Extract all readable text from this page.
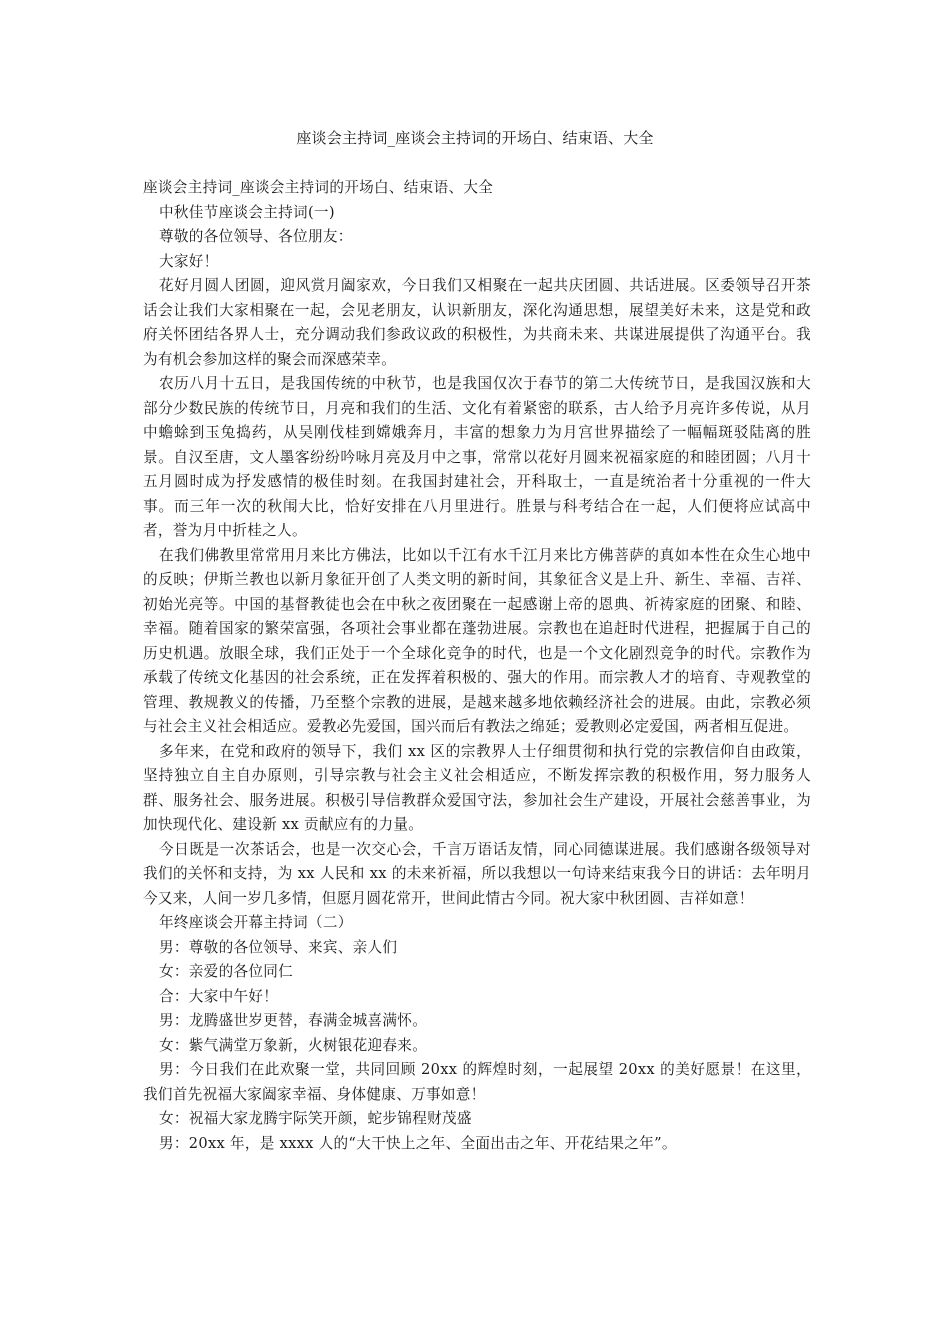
座谈会主持词_座谈会主持词的开场白、结束语、大全

座谈会主持词_座谈会主持词的开场白、结束语、大全

中秋佳节座谈会主持词(一)

尊敬的各位领导、各位朋友：

大家好！

花好月圆人团圆，迎风赏月阖家欢，今日我们又相聚在一起共庆团圆、共话进展。区委领导召开茶话会让我们大家相聚在一起，会见老朋友，认识新朋友，深化沟通思想，展望美好未来，这是党和政府关怀团结各界人士，充分调动我们参政议政的积极性，为共商未来、共谋进展提供了沟通平台。我为有机会参加这样的聚会而深感荣幸。

农历八月十五日，是我国传统的中秋节，也是我国仅次于春节的第二大传统节日，是我国汉族和大部分少数民族的传统节日，月亮和我们的生活、文化有着紧密的联系，古人给予月亮许多传说，从月中蟾蜍到玉兔捣药，从吴刚伐桂到嫦娥奔月，丰富的想象力为月宫世界描绘了一幅幅斑驳陆离的胜景。自汉至唐，文人墨客纷纷吟咏月亮及月中之事，常常以花好月圆来祝福家庭的和睦团圆；八月十五月圆时成为抒发感情的极佳时刻。在我国封建社会，开科取士，一直是统治者十分重视的一件大事。而三年一次的秋闱大比，恰好安排在八月里进行。胜景与科考结合在一起，人们便将应试高中者，誉为月中折桂之人。

在我们佛教里常常用月来比方佛法，比如以千江有水千江月来比方佛菩萨的真如本性在众生心地中的反映；伊斯兰教也以新月象征开创了人类文明的新时间，其象征含义是上升、新生、幸福、吉祥、初始光亮等。中国的基督教徒也会在中秋之夜团聚在一起感谢上帝的恩典、祈祷家庭的团聚、和睦、幸福。随着国家的繁荣富强，各项社会事业都在蓬勃进展。宗教也在追赶时代进程，把握属于自己的历史机遇。放眼全球，我们正处于一个全球化竞争的时代，也是一个文化剧烈竞争的时代。宗教作为承载了传统文化基因的社会系统，正在发挥着积极的、强大的作用。而宗教人才的培育、寺观教堂的管理、教规教义的传播，乃至整个宗教的进展，是越来越多地依赖经济社会的进展。由此，宗教必须与社会主义社会相适应。爱教必先爱国，国兴而后有教法之绵延；爱教则必定爱国，两者相互促进。

多年来，在党和政府的领导下，我们 xx 区的宗教界人士仔细贯彻和执行党的宗教信仰自由政策，坚持独立自主自办原则，引导宗教与社会主义社会相适应，不断发挥宗教的积极作用，努力服务人群、服务社会、服务进展。积极引导信教群众爱国守法，参加社会生产建设，开展社会慈善事业，为加快现代化、建设新 xx 贡献应有的力量。

今日既是一次茶话会，也是一次交心会，千言万语话友情，同心同德谋进展。我们感谢各级领导对我们的关怀和支持，为 xx 人民和 xx 的未来祈福，所以我想以一句诗来结束我今日的讲话：去年明月今又来，人间一岁几多情，但愿月圆花常开，世间此情古今同。祝大家中秋团圆、吉祥如意！

年终座谈会开幕主持词（二）

男：尊敬的各位领导、来宾、亲人们

女：亲爱的各位同仁

合：大家中午好！

男：龙腾盛世岁更替，春满金城喜满怀。

女：紫气满堂万象新，火树银花迎春来。

男：今日我们在此欢聚一堂，共同回顾 20xx 的辉煌时刻，一起展望 20xx 的美好愿景！在这里，我们首先祝福大家阖家幸福、身体健康、万事如意！

女：祝福大家龙腾宇际笑开颜，蛇步锦程财茂盛

男：20xx 年，是 xxxx 人的“大干快上之年、全面出击之年、开花结果之年”。
